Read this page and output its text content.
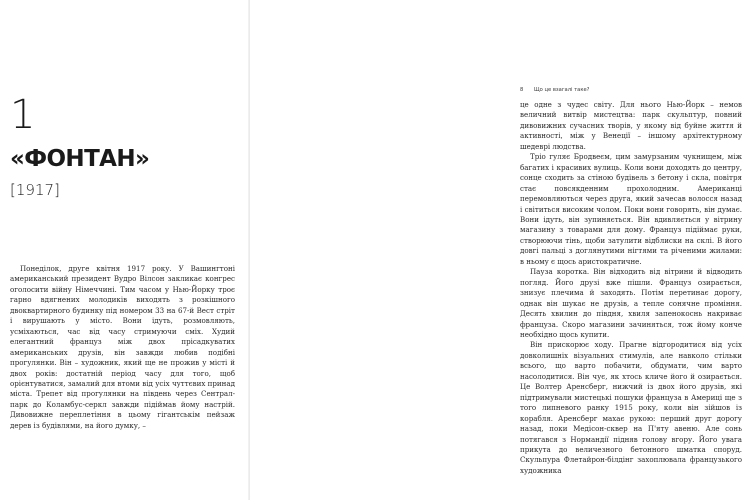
1
«ФОНТАН»
[1917]

Понеділок, друге квітня 1917 року. У Вашингтоні американський президент Вудро Вілсон закликає конгрес оголосити війну Німеччині. Тим часом у Нью-Йорку троє гарно вдягнених молодиків виходять з розкішного двоквартирного будинку під номером 33 на 67-й Вест стріт і вирушають у місто. Вони ідуть, розмовляють, усміхаються, час від часу стримуючи сміх. Худий елегантний француз між двох прісадкуватих американських друзів, він завжди любив подібні прогулянки. Він – художник, який ще не прожив у місті й двох років: достатній період часу для того, щоб орієнтуватися, замалий для втоми від усіх чуттєвих принад міста. Трепет від прогулянки на південь через Сентрал-парк до Коламбус-серкл завжди підіймав йому настрій. Дивовижне переплетіння в цьому гігантськім пейзаж дерев із будівлями, на його думку, –

8 Що це взагалі таке?

це одне з чудес світу. Для нього Нью-Йорк – немов величний витвір мистецтва: парк скульптур, повний дивовижних сучасних творів, у якому від буйне життя й активності, між у Венеції – іншому архітектурному шедеврі людства.

Тріо гуляє Бродвеєм, цим замурзаним чукнищем, між багатих і красивих вулиць. Коли вони доходять до центру, сонце сходить за стіною будівель з бетону і скла, повітря стає повсякденним прохолодним. Американці перемовляються через друга, який зачесав волосся назад і світиться високим чолом. Поки вони говорять, він думає. Вони ідуть, він зупиняється. Він вдивляється у вітрину магазину з товарами для дому. Француз підіймає руки, створюючи тінь, щоби затулити відблиски на склі. В його довгі пальці з доглянутими нігтями та річеними жилами: в ньому є щось аристократичне.

Пауза коротка. Він відходить від вітрини й відводить погляд. Його друзі вже пішли. Француз озирається, знизує плечима й заходять. Потім перетинає дорогу, однак він шукає не друзів, а тепле сонячне проміння. Десять хвилин до півдня, хвиля запенокоснь накриває француза. Скоро магазини зачиняться, тож йому конче необхідно щось купити.

Він прискорює ходу. Прагне відгородитися від усіх довколишніх візуальних стимулів, але навколо стільки всього, що варто побачити, обдумати, чим варто насолодитися. Він чує, як хтось кличе його й озирається. Це Волтер Аренсберг, нижчий із двох його друзів, які підтримували мистецькі пошуки француза в Америці ще з того липневого ранку 1915 року, коли він зійшов із корабля. Аренсберг махає рукою: перший друг дорогу назад, поки Медісон-сквер на П'яту авеню. Але сонь потягався з Нормандії підняв голову вгору. Його увага прикута до величезного бетонного шматка споруд. Скульпура Флетайрон-білдінг захоплювала французького художника
